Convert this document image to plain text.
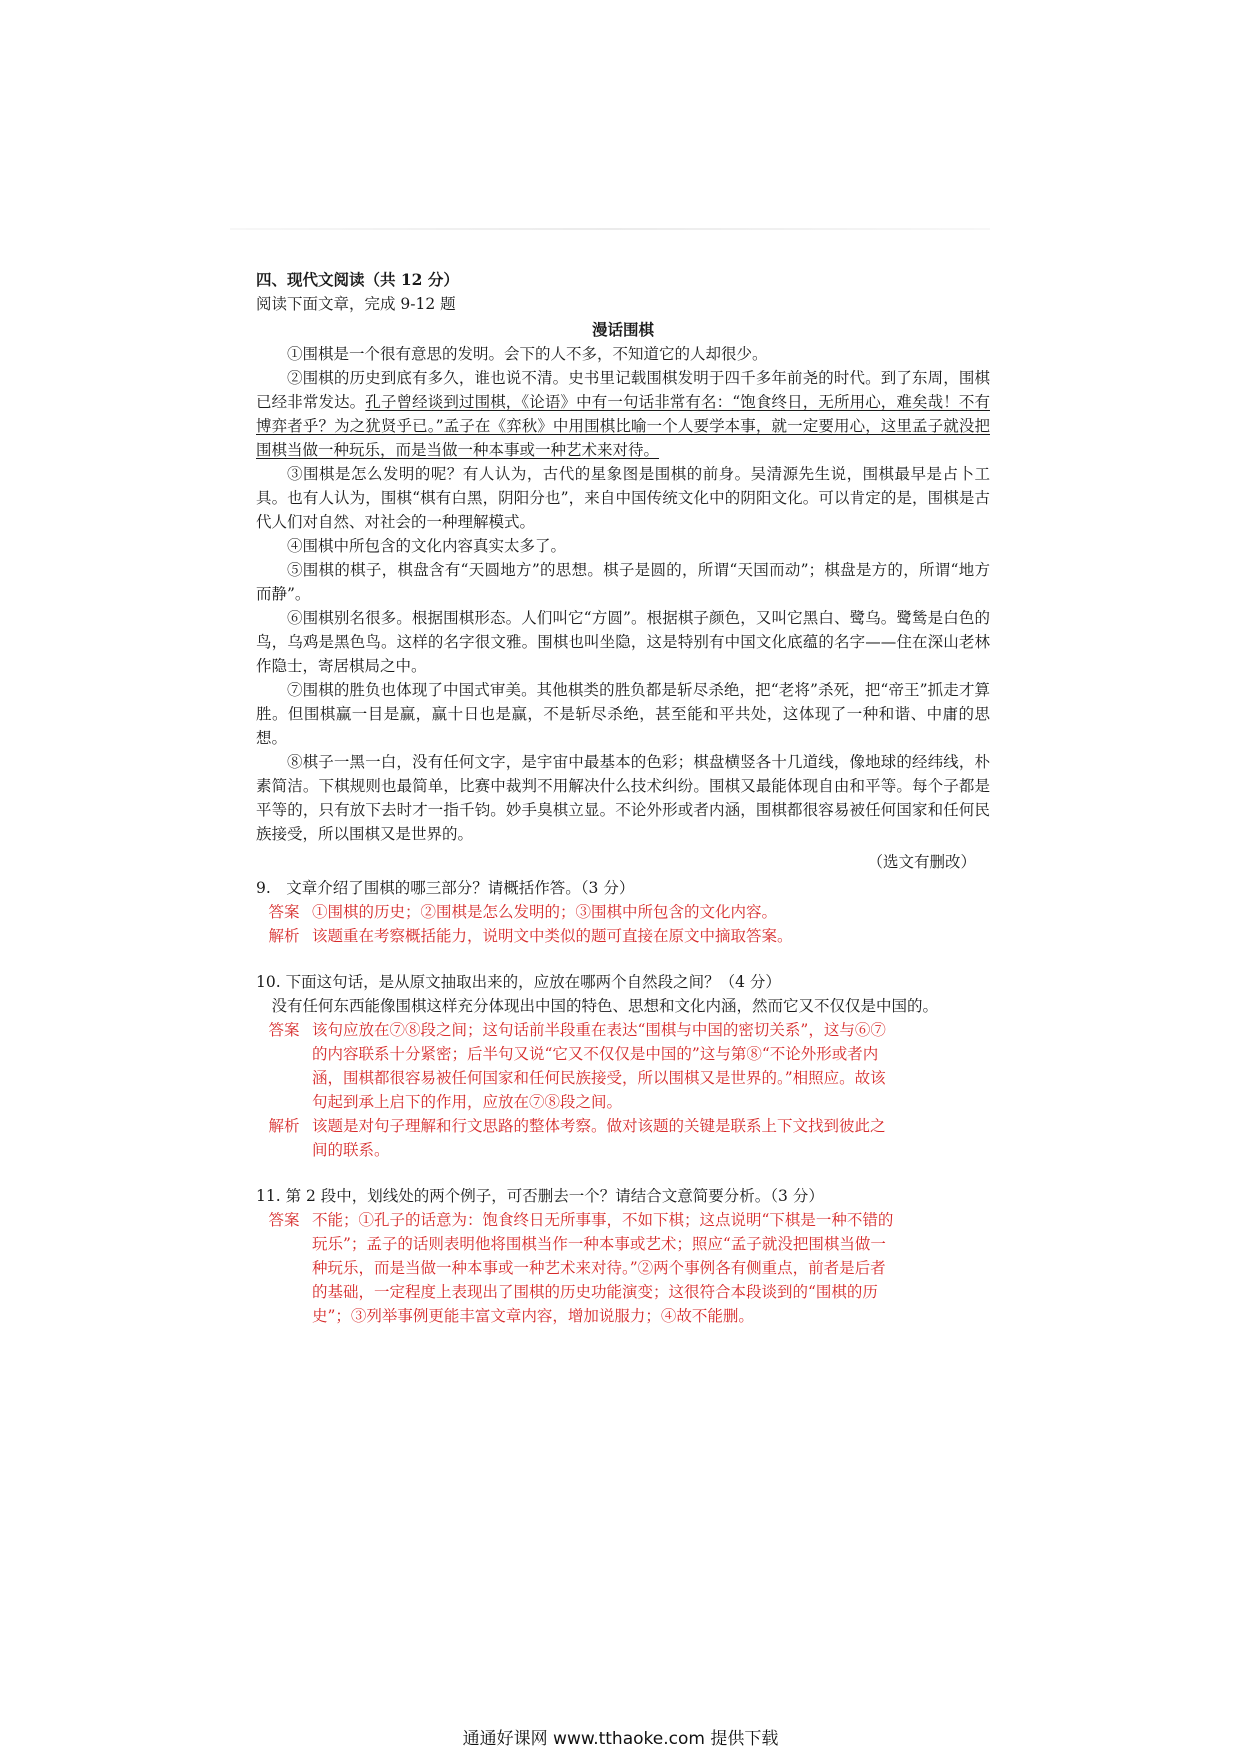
四、现代文阅读（共 12 分）
阅读下面文章，完成 9-12 题
漫话围棋

①围棋是一个很有意思的发明。会下的人不多，不知道它的人却很少。

②围棋的历史到底有多久，谁也说不清。史书里记载围棋发明于四千多年前尧的时代。到了东周，围棋已经非常发达。孔子曾经谈到过围棋，《论语》中有一句话非常有名：“饱食终日，无所用心，难矣哉！不有博弈者乎？为之犹贤乎已。”孟子在《弈秋》中用围棋比喻一个人要学本事，就一定要用心，这里孟子就没把围棋当做一种玩乐，而是当做一种本事或一种艺术来对待。

③围棋是怎么发明的呢？有人认为，古代的星象图是围棋的前身。吴清源先生说，围棋最早是占卜工具。也有人认为，围棋“棋有白黑，阴阳分也”，来自中国传统文化中的阴阳文化。可以肯定的是，围棋是古代人们对自然、对社会的一种理解模式。

④围棋中所包含的文化内容真实太多了。

⑤围棋的棋子，棋盘含有“天圆地方”的思想。棋子是圆的，所谓“天国而动”；棋盘是方的，所谓“地方而静”。

⑥围棋别名很多。根据围棋形态。人们叫它“方圆”。根据棋子颜色，又叫它黑白、鹭乌。鹭鸶是白色的鸟，乌鸡是黑色鸟。这样的名字很文雅。围棋也叫坐隐，这是特别有中国文化底蕴的名字——住在深山老林作隐士，寄居棋局之中。

⑦围棋的胜负也体现了中国式审美。其他棋类的胜负都是斩尽杀绝，把“老将”杀死，把“帝王”抓走才算胜。但围棋赢一目是赢，赢十日也是赢，不是斩尽杀绝，甚至能和平共处，这体现了一种和谐、中庸的思想。

⑧棋子一黑一白，没有任何文字，是宇宙中最基本的色彩；棋盘横竖各十几道线，像地球的经纬线，朴素简洁。下棋规则也最简单，比赛中裁判不用解决什么技术纠纷。围棋又最能体现自由和平等。每个子都是平等的，只有放下去时才一指千钧。妙手臭棋立显。不论外形或者内涵，围棋都很容易被任何国家和任何民族接受，所以围棋又是世界的。

（选文有删改）

9.　文章介绍了围棋的哪三部分？请概括作答。（3 分）

答案 ①围棋的历史；②围棋是怎么发明的；③围棋中所包含的文化内容。
解析 该题重在考察概括能力，说明文中类似的题可直接在原文中摘取答案。

10. 下面这句话，是从原文抽取出来的，应放在哪两个自然段之间？（4 分）

没有任何东西能像围棋这样充分体现出中国的特色、思想和文化内涵，然而它又不仅仅是中国的。

答案 该句应放在⑦⑧段之间；这句话前半段重在表达“围棋与中国的密切关系”，这与⑥⑦的内容联系十分紧密；后半句又说“它又不仅仅是中国的”这与第⑧“不论外形或者内涵，围棋都很容易被任何国家和任何民族接受，所以围棋又是世界的。”相照应。故该句起到承上启下的作用，应放在⑦⑧段之间。
解析 该题是对句子理解和行文思路的整体考察。做对该题的关键是联系上下文找到彼此之间的联系。

11. 第 2 段中，划线处的两个例子，可否删去一个？请结合文意简要分析。（3 分）

答案 不能；①孔子的话意为：饱食终日无所事事，不如下棋；这点说明“下棋是一种不错的玩乐”；孟子的话则表明他将围棋当作一种本事或艺术；照应“孟子就没把围棋当做一种玩乐，而是当做一种本事或一种艺术来对待。”②两个事例各有侧重点，前者是后者的基础，一定程度上表现出了围棋的历史功能演变；这很符合本段谈到的“围棋的历史”；③列举事例更能丰富文章内容，增加说服力；④故不能删。
通通好课网 www.tthaoke.com 提供下载
